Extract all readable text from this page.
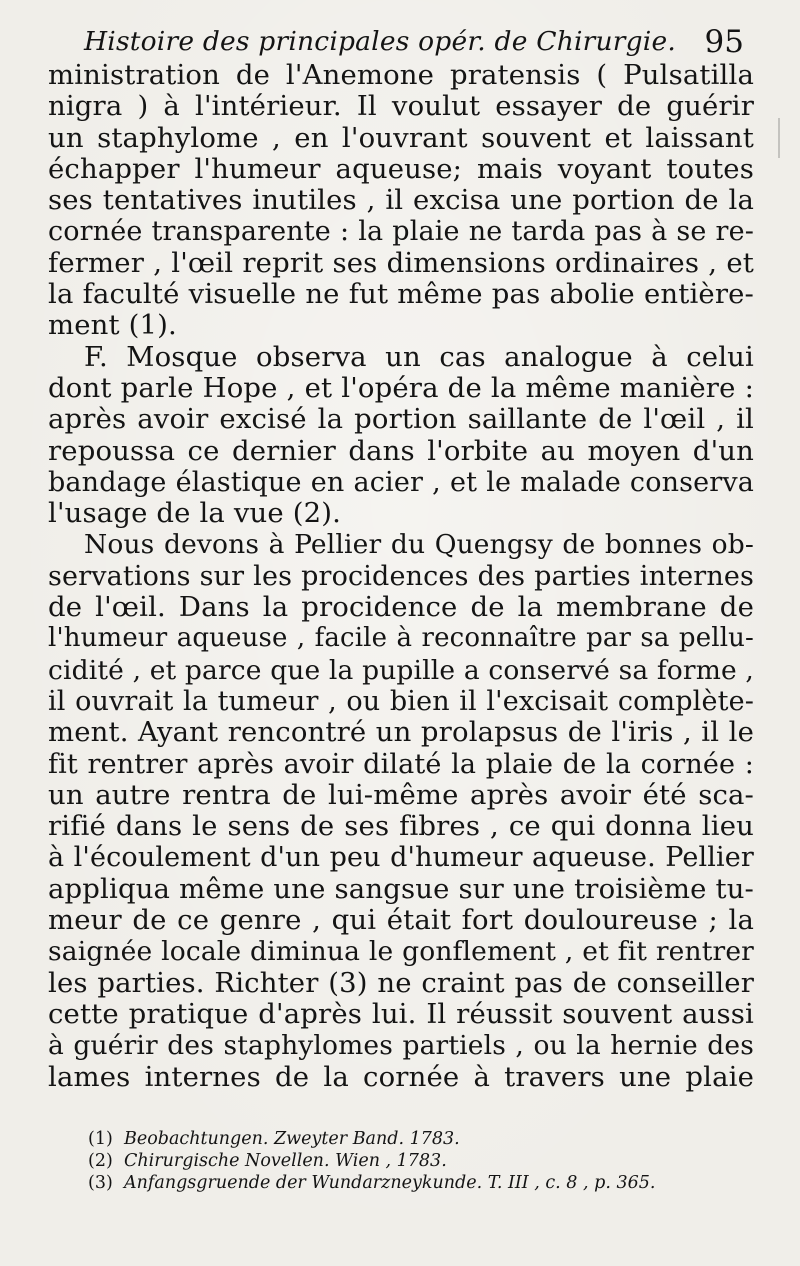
Histoire des principales opér. de Chirurgie. 95
ministration de l'Anemone pratensis ( Pulsatilla
nigra ) à l'intérieur. Il voulut essayer de guérir
un staphylome , en l'ouvrant souvent et laissant
échapper l'humeur aqueuse; mais voyant toutes
ses tentatives inutiles , il excisa une portion de la
cornée transparente : la plaie ne tarda pas à se re-
fermer , l'œil reprit ses dimensions ordinaires , et
la faculté visuelle ne fut même pas abolie entière-
ment (1).
F. Mosque observa un cas analogue à celui
dont parle Hope , et l'opéra de la même manière :
après avoir excisé la portion saillante de l'œil , il
repoussa ce dernier dans l'orbite au moyen d'un
bandage élastique en acier , et le malade conserva
l'usage de la vue (2).
Nous devons à Pellier du Quengsy de bonnes ob-
servations sur les procidences des parties internes
de l'œil. Dans la procidence de la membrane de
l'humeur aqueuse , facile à reconnaître par sa pellu-
cidité , et parce que la pupille a conservé sa forme ,
il ouvrait la tumeur , ou bien il l'excisait complète-
ment. Ayant rencontré un prolapsus de l'iris , il le
fit rentrer après avoir dilaté la plaie de la cornée :
un autre rentra de lui-même après avoir été sca-
rifié dans le sens de ses fibres , ce qui donna lieu
à l'écoulement d'un peu d'humeur aqueuse. Pellier
appliqua même une sangsue sur une troisième tu-
meur de ce genre , qui était fort douloureuse ; la
saignée locale diminua le gonflement , et fit rentrer
les parties. Richter (3) ne craint pas de conseiller
cette pratique d'après lui. Il réussit souvent aussi
à guérir des staphylomes partiels , ou la hernie des
lames internes de la cornée à travers une plaie
(1) Beobachtungen. Zweyter Band. 1783.
(2) Chirurgische Novellen. Wien , 1783.
(3) Anfangsgruende der Wundarzneykunde. T. III , c. 8 , p. 365.
